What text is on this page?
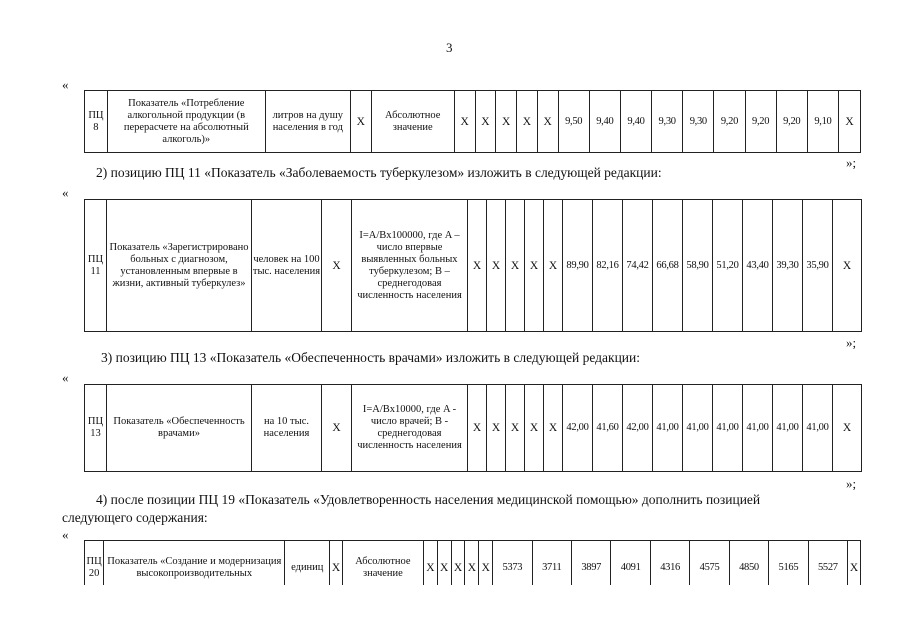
3
«
ПЦ 8	Показатель «Потребление алкогольной продукции (в перерасчете на абсолютный алкоголь)»	литров на душу населения в год	Х	Абсолютное значение	Х	Х	Х	Х	Х	9,50	9,40	9,40	9,30	9,30	9,20	9,20	9,20	9,10	Х
»;
2) позицию ПЦ 11 «Показатель «Заболеваемость туберкулезом» изложить в следующей редакции:
«
ПЦ 11	Показатель «Зарегистрировано больных с диагнозом, установленным впервые в жизни, активный туберкулез»	человек на 100 тыс. населения	Х	I=A/Bx100000, где A – число впервые выявленных больных туберкулезом; B – среднегодовая численность населения	Х	Х	Х	Х	Х	89,90	82,16	74,42	66,68	58,90	51,20	43,40	39,30	35,90	Х
»;
3) позицию ПЦ 13 «Показатель «Обеспеченность врачами» изложить в следующей редакции:
«
ПЦ 13	Показатель «Обеспеченность врачами»	на 10 тыс. населения	Х	I=A/Bx10000, где A - число врачей; B - среднегодовая численность населения	Х	Х	Х	Х	Х	42,00	41,60	42,00	41,00	41,00	41,00	41,00	41,00	41,00	Х
»;
4) после позиции ПЦ 19 «Показатель «Удовлетворенность населения медицинской помощью» дополнить позицией
следующего содержания:
«
ПЦ 20	Показатель «Создание и модернизация высокопроизводительных	единиц	Х	Абсолютное значение	Х	Х	Х	Х	Х	5373	3711	3897	4091	4316	4575	4850	5165	5527	Х
